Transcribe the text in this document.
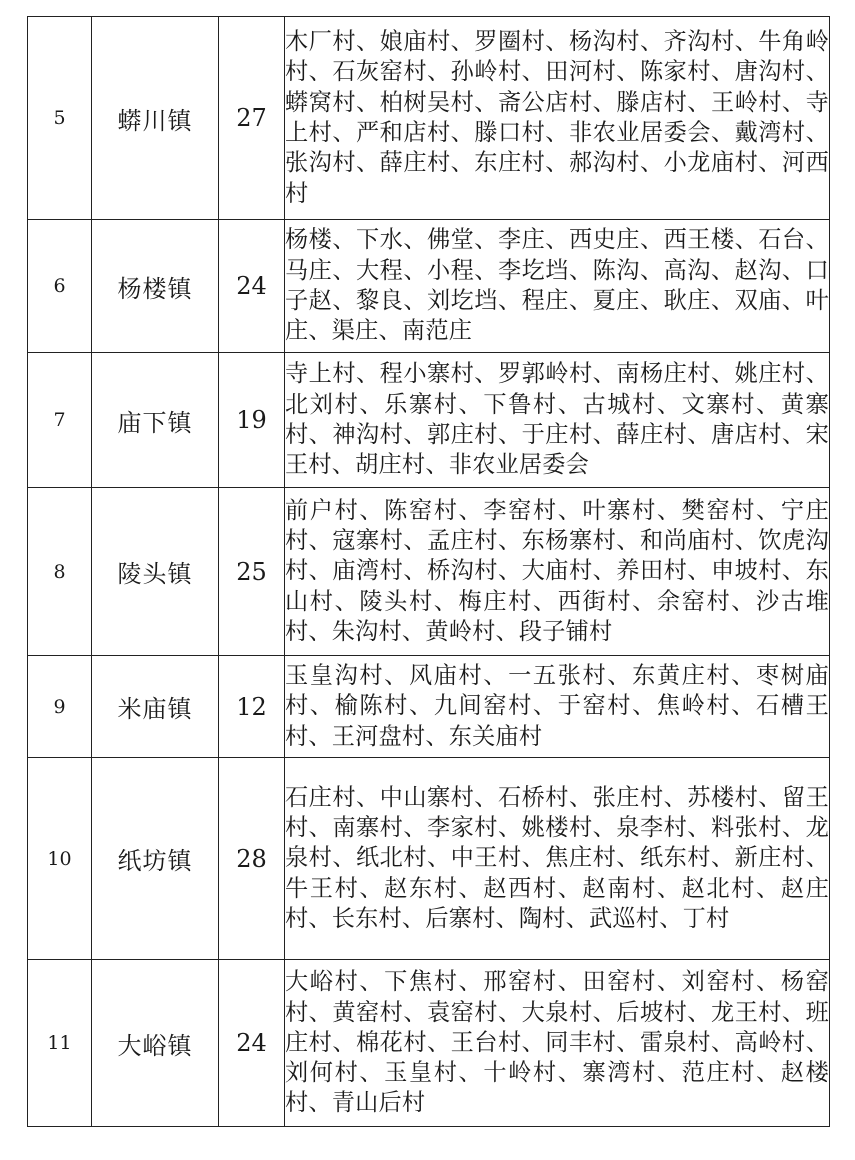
5	蟒川镇	27	木厂村、娘庙村、罗圈村、杨沟村、齐沟村、牛角岭村、石灰窑村、孙岭村、田河村、陈家村、唐沟村、蟒窝村、柏树吴村、斋公店村、滕店村、王岭村、寺上村、严和店村、滕口村、非农业居委会、戴湾村、张沟村、薛庄村、东庄村、郝沟村、小龙庙村、河西村
6	杨楼镇	24	杨楼、下水、佛堂、李庄、西史庄、西王楼、石台、马庄、大程、小程、李圪垱、陈沟、高沟、赵沟、口子赵、黎良、刘圪垱、程庄、夏庄、耿庄、双庙、叶庄、渠庄、南范庄
7	庙下镇	19	寺上村、程小寨村、罗郭岭村、南杨庄村、姚庄村、北刘村、乐寨村、下鲁村、古城村、文寨村、黄寨村、神沟村、郭庄村、于庄村、薛庄村、唐店村、宋王村、胡庄村、非农业居委会
8	陵头镇	25	前户村、陈窑村、李窑村、叶寨村、樊窑村、宁庄村、寇寨村、孟庄村、东杨寨村、和尚庙村、饮虎沟村、庙湾村、桥沟村、大庙村、养田村、申坡村、东山村、陵头村、梅庄村、西街村、余窑村、沙古堆村、朱沟村、黄岭村、段子铺村
9	米庙镇	12	玉皇沟村、风庙村、一五张村、东黄庄村、枣树庙村、榆陈村、九间窑村、于窑村、焦岭村、石槽王村、王河盘村、东关庙村
10	纸坊镇	28	石庄村、中山寨村、石桥村、张庄村、苏楼村、留王村、南寨村、李家村、姚楼村、泉李村、料张村、龙泉村、纸北村、中王村、焦庄村、纸东村、新庄村、牛王村、赵东村、赵西村、赵南村、赵北村、赵庄村、长东村、后寨村、陶村、武巡村、丁村
11	大峪镇	24	大峪村、下焦村、邢窑村、田窑村、刘窑村、杨窑村、黄窑村、袁窑村、大泉村、后坡村、龙王村、班庄村、棉花村、王台村、同丰村、雷泉村、高岭村、刘何村、玉皇村、十岭村、寨湾村、范庄村、赵楼村、青山后村
